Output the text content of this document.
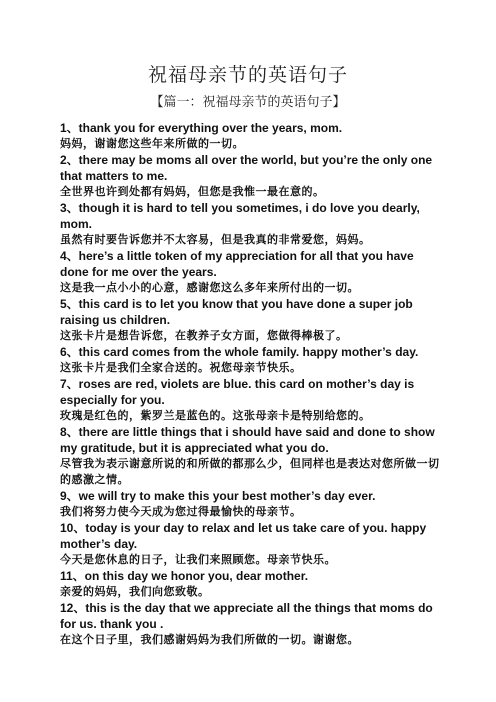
祝福母亲节的英语句子
【篇一：祝福母亲节的英语句子】
1、thank you for everything over the years, mom.
妈妈，谢谢您这些年来所做的一切。
2、there may be moms all over the world, but you’re the only one that matters to me.
全世界也许到处都有妈妈，但您是我惟一最在意的。
3、though it is hard to tell you sometimes, i do love you dearly, mom.
虽然有时要告诉您并不太容易，但是我真的非常爱您，妈妈。
4、here’s a little token of my appreciation for all that you have done for me over the years.
这是我一点小小的心意，感谢您这么多年来所付出的一切。
5、this card is to let you know that you have done a super job raising us children.
这张卡片是想告诉您，在教养子女方面，您做得棒极了。
6、this card comes from the whole family. happy mother’s day.
这张卡片是我们全家合送的。祝您母亲节快乐。
7、roses are red, violets are blue. this card on mother’s day is especially for you.
玫瑰是红色的，紫罗兰是蓝色的。这张母亲卡是特别给您的。
8、there are little things that i should have said and done to show my gratitude, but it is appreciated what you do.
尽管我为表示谢意所说的和所做的都那么少，但同样也是表达对您所做一切的感激之情。
9、we will try to make this your best mother’s day ever.
我们将努力使今天成为您过得最愉快的母亲节。
10、today is your day to relax and let us take care of you. happy mother’s day.
今天是您休息的日子，让我们来照顾您。母亲节快乐。
11、on this day we honor you, dear mother.
亲爱的妈妈，我们向您致敬。
12、this is the day that we appreciate all the things that moms do for us. thank you .
在这个日子里，我们感谢妈妈为我们所做的一切。谢谢您。
